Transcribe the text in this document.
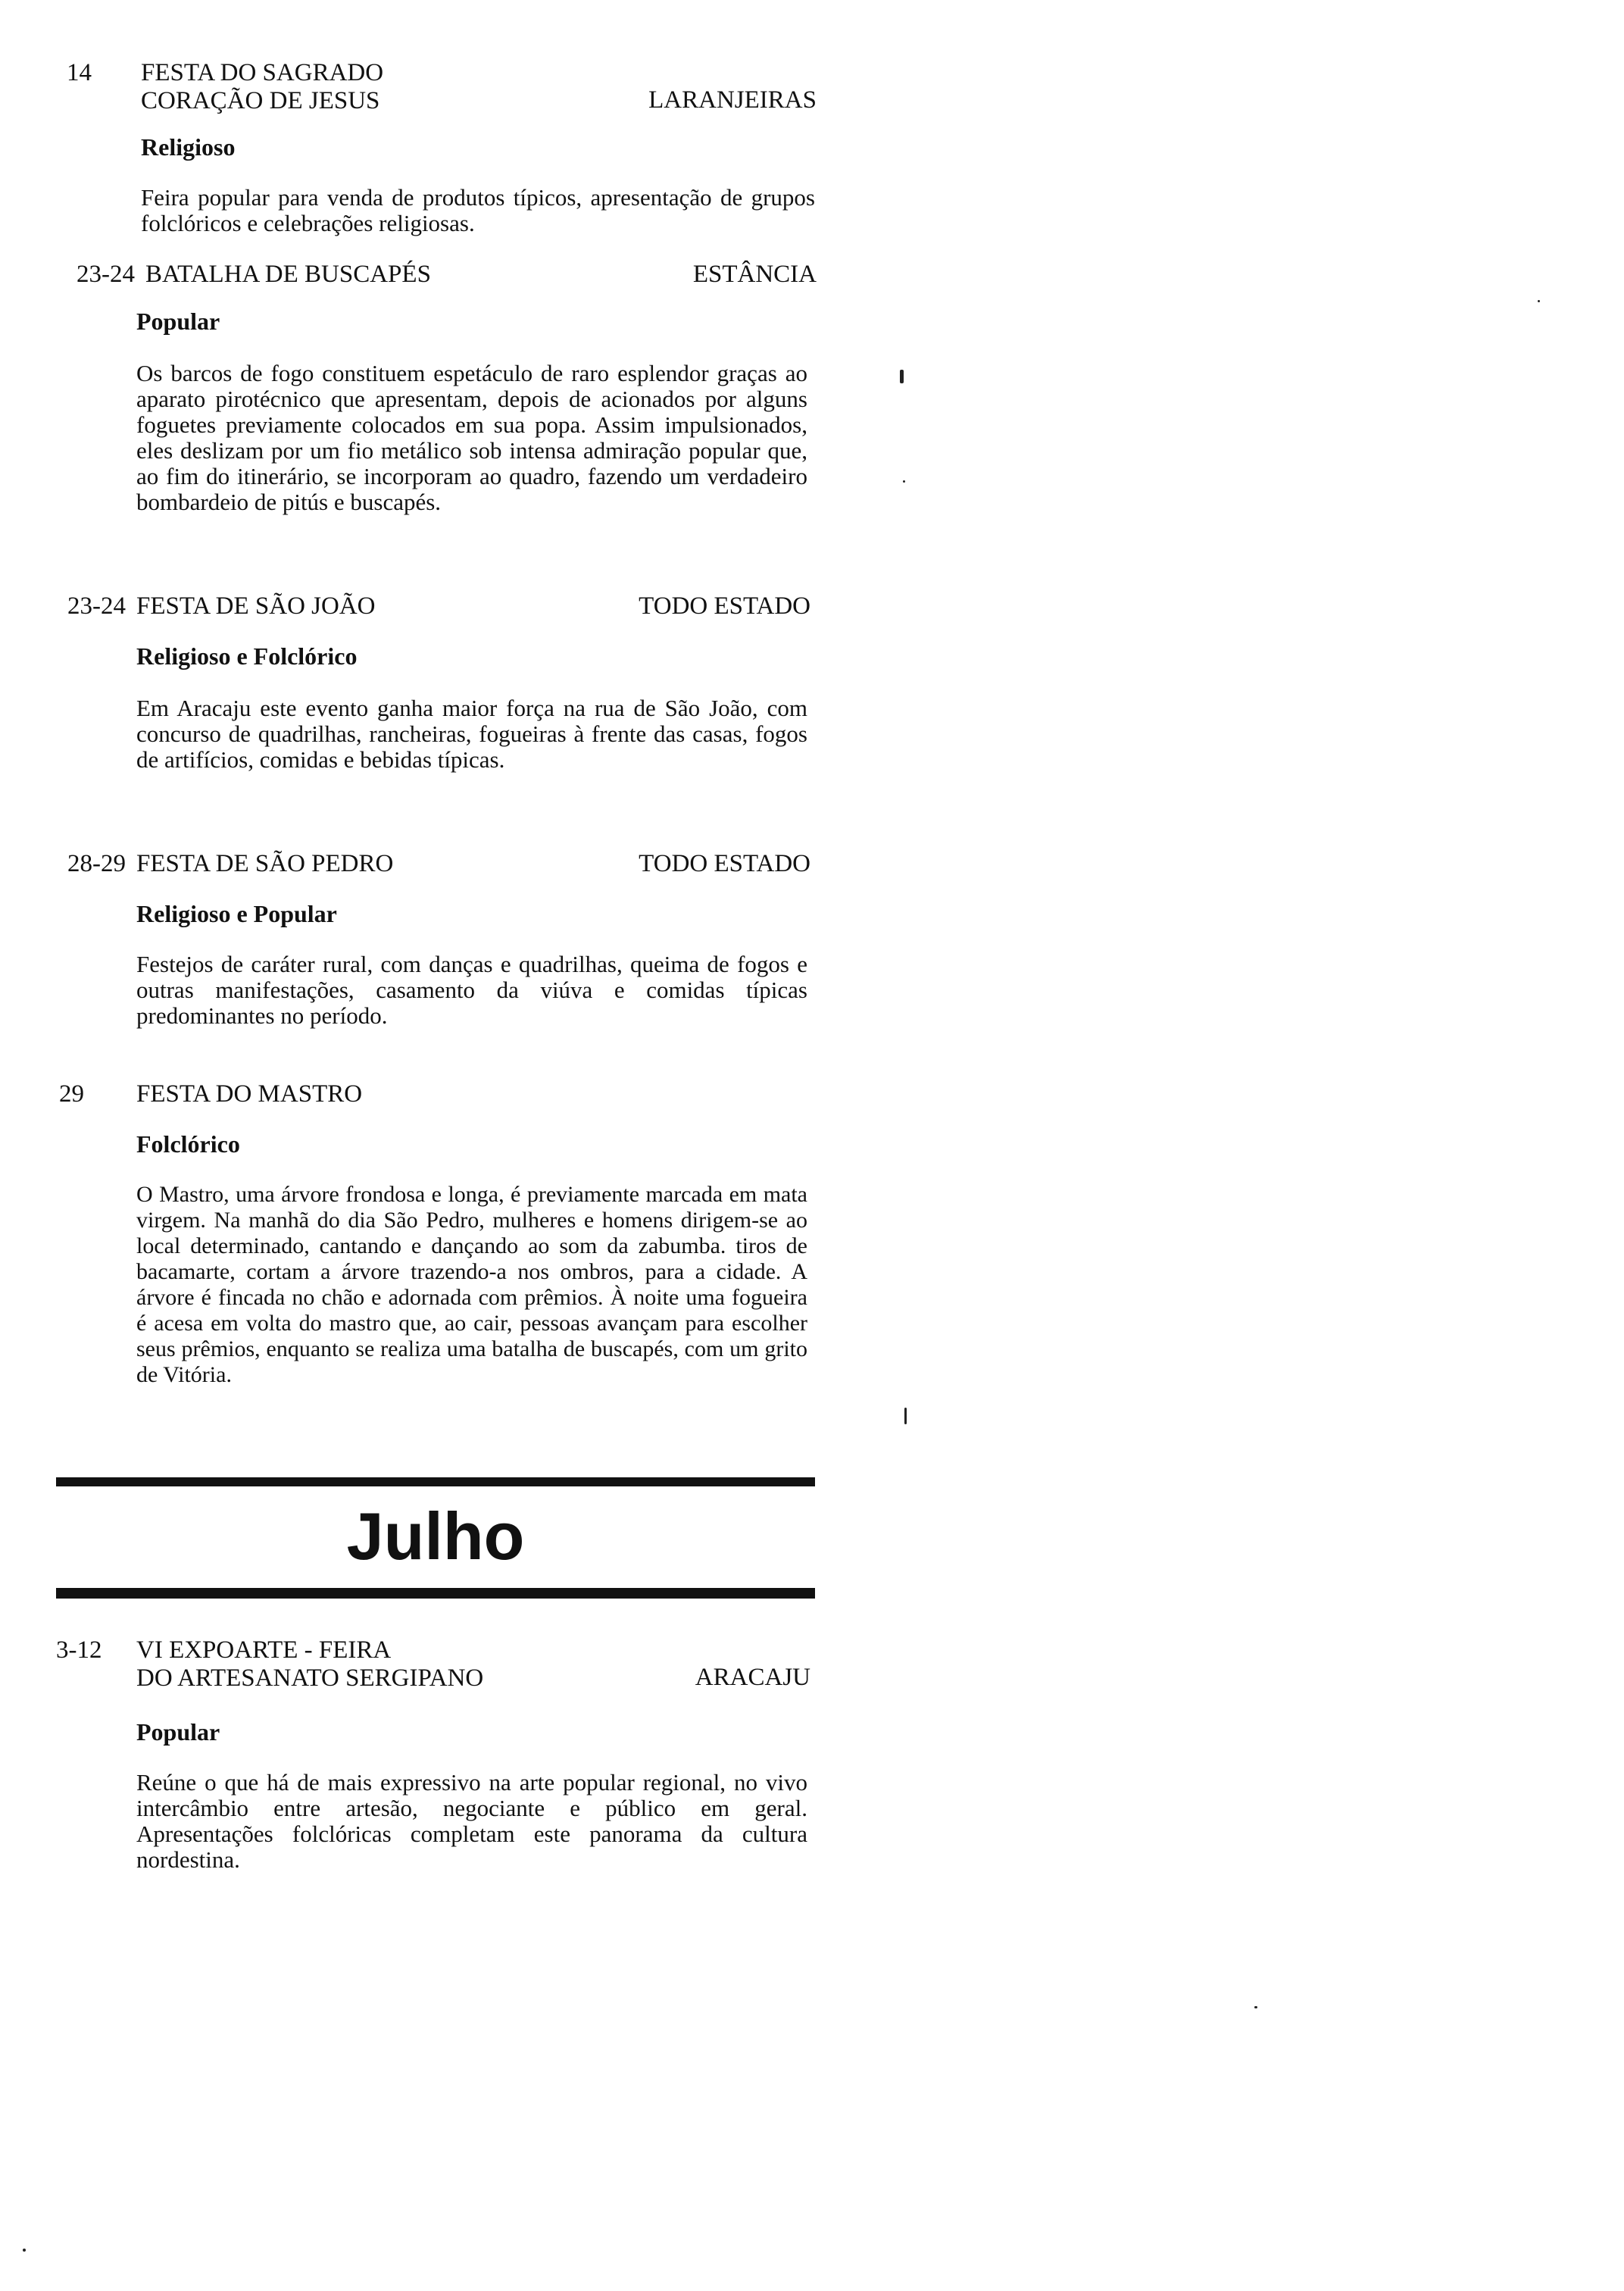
14	FESTA DO SAGRADO
CORAÇÃO DE JESUS	LARANJEIRAS
Religioso
Feira popular para venda de produtos típicos, apresentação de grupos folclóricos e celebrações religiosas.
23-24 BATALHA DE BUSCAPÉS	ESTÂNCIA
Popular
Os barcos de fogo constituem espetáculo de raro esplendor graças ao aparato pirotécnico que apresentam, depois de acionados por alguns foguetes previamente colocados em sua popa. Assim impulsionados, eles deslizam por um fio metálico sob intensa admiração popular que, ao fim do itinerário, se incorporam ao quadro, fazendo um verdadeiro bombardeio de pitús e buscapés.
23-24 FESTA DE SÃO JOÃO	TODO ESTADO
Religioso e Folclórico
Em Aracaju este evento ganha maior força na rua de São João, com concurso de quadrilhas, rancheiras, fogueiras à frente das casas, fogos de artifícios, comidas e bebidas típicas.
28-29 FESTA DE SÃO PEDRO	TODO ESTADO
Religioso e Popular
Festejos de caráter rural, com danças e quadrilhas, queima de fogos e outras manifestações, casamento da viúva e comidas típicas predominantes no período.
29	FESTA DO MASTRO
Folclórico
O Mastro, uma árvore frondosa e longa, é previamente marcada em mata virgem. Na manhã do dia São Pedro, mulheres e homens dirigem-se ao local determinado, cantando e dançando ao som da zabumba. tiros de bacamarte, cortam a árvore trazendo-a nos ombros, para a cidade. A árvore é fincada no chão e adornada com prêmios. À noite uma fogueira é acesa em volta do mastro que, ao cair, pessoas avançam para escolher seus prêmios, enquanto se realiza uma batalha de buscapés, com um grito de Vitória.
Julho
3-12	VI EXPOARTE - FEIRA
DO ARTESANATO SERGIPANO	ARACAJU
Popular
Reúne o que há de mais expressivo na arte popular regional, no vivo intercâmbio entre artesão, negociante e público em geral. Apresentações folclóricas completam este panorama da cultura nordestina.
